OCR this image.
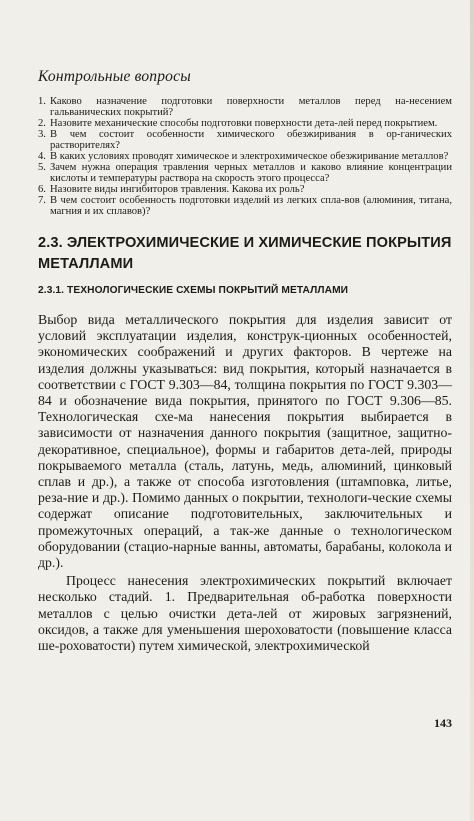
Контрольные вопросы
1. Каково назначение подготовки поверхности металлов перед на-несением гальванических покрытий?
2. Назовите механические способы подготовки поверхности дета-лей перед покрытием.
3. В чем состоит особенности химического обезжиривания в ор-ганических растворителях?
4. В каких условиях проводят химическое и электрохимическое обезжиривание металлов?
5. Зачем нужна операция травления черных металлов и каково влияние концентрации кислоты и температуры раствора на скорость этого процесса?
6. Назовите виды ингибиторов травления. Какова их роль?
7. В чем состоит особенность подготовки изделий из легких спла-вов (алюминия, титана, магния и их сплавов)?
2.3. ЭЛЕКТРОХИМИЧЕСКИЕ И ХИМИЧЕСКИЕ ПОКРЫТИЯ МЕТАЛЛАМИ
2.3.1. ТЕХНОЛОГИЧЕСКИЕ СХЕМЫ ПОКРЫТИЙ МЕТАЛЛАМИ

Выбор вида металлического покрытия для изделия зависит от условий эксплуатации изделия, конструк-ционных особенностей, экономических соображений и других факторов. В чертеже на изделия должны указываться: вид покрытия, который назначается в соответствии с ГОСТ 9.303—84, толщина покрытия по ГОСТ 9.303—84 и обозначение вида покрытия, принятого по ГОСТ 9.306—85. Технологическая схе-ма нанесения покрытия выбирается в зависимости от назначения данного покрытия (защитное, защитно-декоративное, специальное), формы и габаритов дета-лей, природы покрываемого металла (сталь, латунь, медь, алюминий, цинковый сплав и др.), а также от способа изготовления (штамповка, литье, реза-ние и др.). Помимо данных о покрытии, технологи-ческие схемы содержат описание подготовительных, заключительных и промежуточных операций, а так-же данные о технологическом оборудовании (стацио-нарные ванны, автоматы, барабаны, колокола и др.).

Процесс нанесения электрохимических покрытий включает несколько стадий. 1. Предварительная об-работка поверхности металлов с целью очистки дета-лей от жировых загрязнений, оксидов, а также для уменьшения шероховатости (повышение класса ше-роховатости) путем химической, электрохимической

143
